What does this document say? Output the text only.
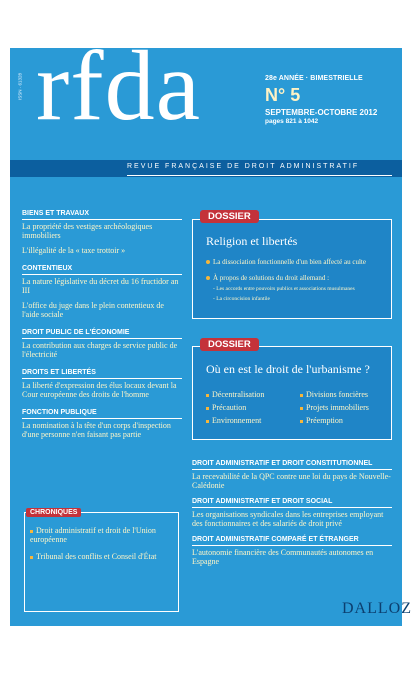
ISSN · 61328 rfda	28e ANNÉE · BIMESTRIELLE
N° 5
SEPTEMBRE-OCTOBRE 2012
pages 821 à 1042
REVUE FRANÇAISE DE DROIT ADMINISTRATIF
BIENS ET TRAVAUX
La propriété des vestiges archéologiques immobiliers
L'illégalité de la « taxe trottoir »
CONTENTIEUX
La nature législative du décret du 16 fructidor an III
L'office du juge dans le plein contentieux de l'aide sociale
DROIT PUBLIC DE L'ÉCONOMIE
La contribution aux charges de service public de l'électricité
DROITS ET LIBERTÉS
La liberté d'expression des élus locaux devant la Cour européenne des droits de l'homme
FONCTION PUBLIQUE
La nomination à la tête d'un corps d'inspection d'une personne n'en faisant pas partie
CHRONIQUES
Droit administratif et droit de l'Union européenne
Tribunal des conflits et Conseil d'État
DOSSIER
Religion et libertés
La dissociation fonctionnelle d'un bien affecté au culte
À propos de solutions du droit allemand :
- Les accords entre pouvoirs publics et associations musulmanes
- La circoncision infantile
DOSSIER
Où en est le droit de l'urbanisme ?
Décentralisation
Précaution
Environnement
Divisions foncières
Projets immobiliers
Préemption
DROIT ADMINISTRATIF ET DROIT CONSTITUTIONNEL
La recevabilité de la QPC contre une loi du pays de Nouvelle-Calédonie
DROIT ADMINISTRATIF ET DROIT SOCIAL
Les organisations syndicales dans les entreprises employant des fonctionnaires et des salariés de droit privé
DROIT ADMINISTRATIF COMPARÉ ET ÉTRANGER
L'autonomie financière des Communautés autonomes en Espagne
DALLOZ
